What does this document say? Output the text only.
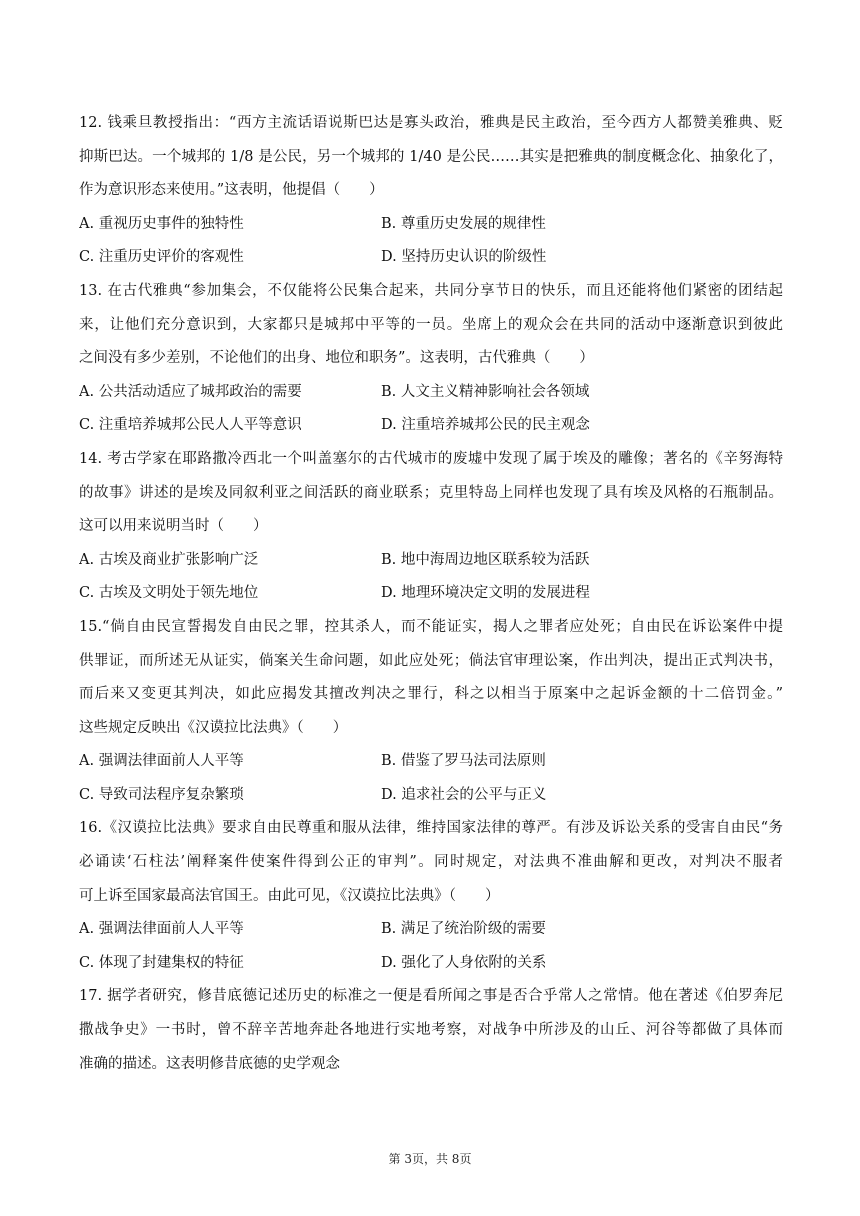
12. 钱乘旦教授指出：“西方主流话语说斯巴达是寡头政治，雅典是民主政治，至今西方人都赞美雅典、贬
抑斯巴达。一个城邦的 1/8 是公民，另一个城邦的 1/40 是公民……其实是把雅典的制度概念化、抽象化了，
作为意识形态来使用。”这表明，他提倡（　　）
A. 重视历史事件的独特性	B. 尊重历史发展的规律性
C. 注重历史评价的客观性	D. 坚持历史认识的阶级性
13. 在古代雅典“参加集会，不仅能将公民集合起来，共同分享节日的快乐，而且还能将他们紧密的团结起
来，让他们充分意识到，大家都只是城邦中平等的一员。坐席上的观众会在共同的活动中逐渐意识到彼此
之间没有多少差别，不论他们的出身、地位和职务”。这表明，古代雅典（　　）
A. 公共活动适应了城邦政治的需要	B. 人文主义精神影响社会各领域
C. 注重培养城邦公民人人平等意识	D. 注重培养城邦公民的民主观念
14. 考古学家在耶路撒冷西北一个叫盖塞尔的古代城市的废墟中发现了属于埃及的雕像；著名的《辛努海特
的故事》讲述的是埃及同叙利亚之间活跃的商业联系；克里特岛上同样也发现了具有埃及风格的石瓶制品。
这可以用来说明当时（　　）
A. 古埃及商业扩张影响广泛	B. 地中海周边地区联系较为活跃
C. 古埃及文明处于领先地位	D. 地理环境决定文明的发展进程
15.“倘自由民宣誓揭发自由民之罪，控其杀人，而不能证实，揭人之罪者应处死；自由民在诉讼案件中提
供罪证，而所述无从证实，倘案关生命问题，如此应处死；倘法官审理讼案，作出判决，提出正式判决书，
而后来又变更其判决，如此应揭发其擅改判决之罪行，科之以相当于原案中之起诉金额的十二倍罚金。”
这些规定反映出《汉谟拉比法典》（　　）
A. 强调法律面前人人平等	B. 借鉴了罗马法司法原则
C. 导致司法程序复杂繁琐	D. 追求社会的公平与正义
16.《汉谟拉比法典》要求自由民尊重和服从法律，维持国家法律的尊严。有涉及诉讼关系的受害自由民“务
必诵读‘石柱法’阐释案件使案件得到公正的审判”。同时规定，对法典不准曲解和更改，对判决不服者
可上诉至国家最高法官国王。由此可见，《汉谟拉比法典》（　　）
A. 强调法律面前人人平等	B. 满足了统治阶级的需要
C. 体现了封建集权的特征	D. 强化了人身依附的关系
17. 据学者研究，修昔底德记述历史的标准之一便是看所闻之事是否合乎常人之常情。他在著述《伯罗奔尼
撒战争史》一书时，曾不辞辛苦地奔赴各地进行实地考察，对战争中所涉及的山丘、河谷等都做了具体而
准确的描述。这表明修昔底德的史学观念
第 3页，共 8页
